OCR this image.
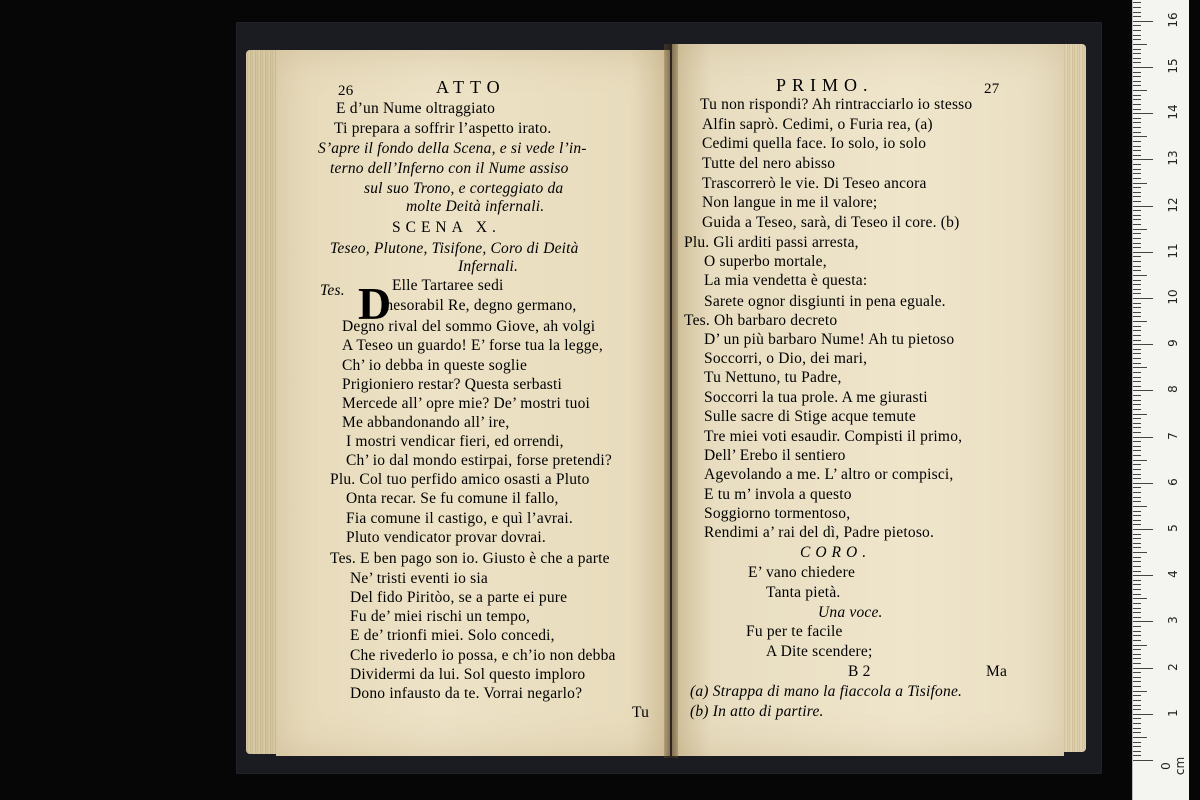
26	ATTO
E d’un Nume oltraggiato
Ti prepara a soffrir l’aspetto irato.
S’apre il fondo della Scena, e si vede l’in-
terno dell’Inferno con il Nume assiso
sul suo Trono, e corteggiato da
molte Deità infernali.
SCENA X.
Teseo, Plutone, Tisifone, Coro di Deità
Infernali.
Tes.	Elle Tartaree sedi
Inesorabil Re, degno germano,
Degno rival del sommo Giove, ah volgi
A Teseo un guardo! E’ forse tua la legge,
Ch’ io debba in queste soglie
Prigioniero restar? Questa serbasti
Mercede all’ opre mie? De’ mostri tuoi
Me abbandonando all’ ire,
I mostri vendicar fieri, ed orrendi,
Ch’ io dal mondo estirpai, forse pretendi?
Plu. Col tuo perfido amico osasti a Pluto
Onta recar. Se fu comune il fallo,
Fia comune il castigo, e quì l’avrai.
Pluto vendicator provar dovrai.
Tes. E ben pago son io. Giusto è che a parte
Ne’ tristi eventi io sia
Del fido Piritòo, se a parte ei pure
Fu de’ miei rischi un tempo,
E de’ trionfi miei. Solo concedi,
Che rivederlo io possa, e ch’io non debba
Dividermi da lui. Sol questo imploro
Dono infausto da te. Vorrai negarlo?
Tu
D
PRIMO.	27
Tu non rispondi? Ah rintracciarlo io stesso
Alfin saprò. Cedimi, o Furia rea, (a)
Cedimi quella face. Io solo, io solo
Tutte del nero abisso
Trascorrerò le vie. Di Teseo ancora
Non langue in me il valore;
Guida a Teseo, sarà, di Teseo il core. (b)
Plu. Gli arditi passi arresta,
O superbo mortale,
La mia vendetta è questa:
Sarete ognor disgiunti in pena eguale.
Tes. Oh barbaro decreto
D’ un più barbaro Nume! Ah tu pietoso
Soccorri, o Dio, dei mari,
Tu Nettuno, tu Padre,
Soccorri la tua prole. A me giurasti
Sulle sacre di Stige acque temute
Tre miei voti esaudir. Compisti il primo,
Dell’ Erebo il sentiero
Agevolando a me. L’ altro or compisci,
E tu m’ invola a questo
Soggiorno tormentoso,
Rendimi a’ rai del dì, Padre pietoso.
CORO.
E’ vano chiedere
Tanta pietà.
Una voce.
Fu per te facile
A Dite scendere;
B 2	Ma
(a) Strappa di mano la fiaccola a Tisifone.
(b) In atto di partire.
0 cm
1
2
3
4
5
6
7
8
9
10
11
12
13
14
15
16
